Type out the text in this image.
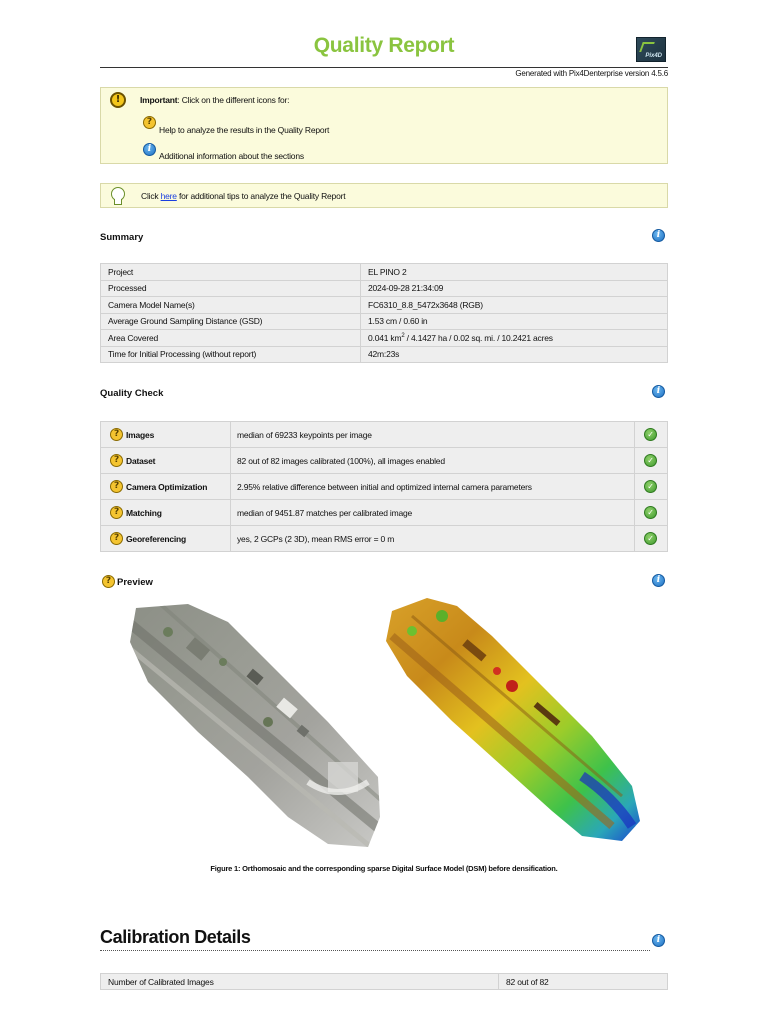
Quality Report	Pix4D
Generated with Pix4Denterprise version 4.5.6
!	Important: Click on the different icons for:
?
Help to analyze the results in the Quality Report
i
Additional information about the sections
Click here for additional tips to analyze the Quality Report
Summary	i
Project	EL PINO 2
Processed	2024-09-28 21:34:09
Camera Model Name(s)	FC6310_8.8_5472x3648 (RGB)
Average Ground Sampling Distance (GSD)	1.53 cm / 0.60 in
Area Covered	0.041 $km^2 / 4.1427$ ha / 0.02 sq. mi. / 10.2421 acres
Time for Initial Processing (without report)	42m:23s
Quality Check	i
? Images	median of 69233 keypoints per image	✓

? Dataset	82 out of 82 images calibrated (100%), all images enabled	✓

? Camera Optimization	2.95% relative difference between initial and optimized internal camera parameters	✓

? Matching	median of 9451.87 matches per calibrated image	✓

? Georeferencing	yes, 2 GCPs (2 3D), mean RMS error = 0 m	✓
? Preview	i
Figure 1: Orthomosaic and the corresponding sparse Digital Surface Model (DSM) before densification.
Calibration Details	i
Number of Calibrated Images	82 out of 82
